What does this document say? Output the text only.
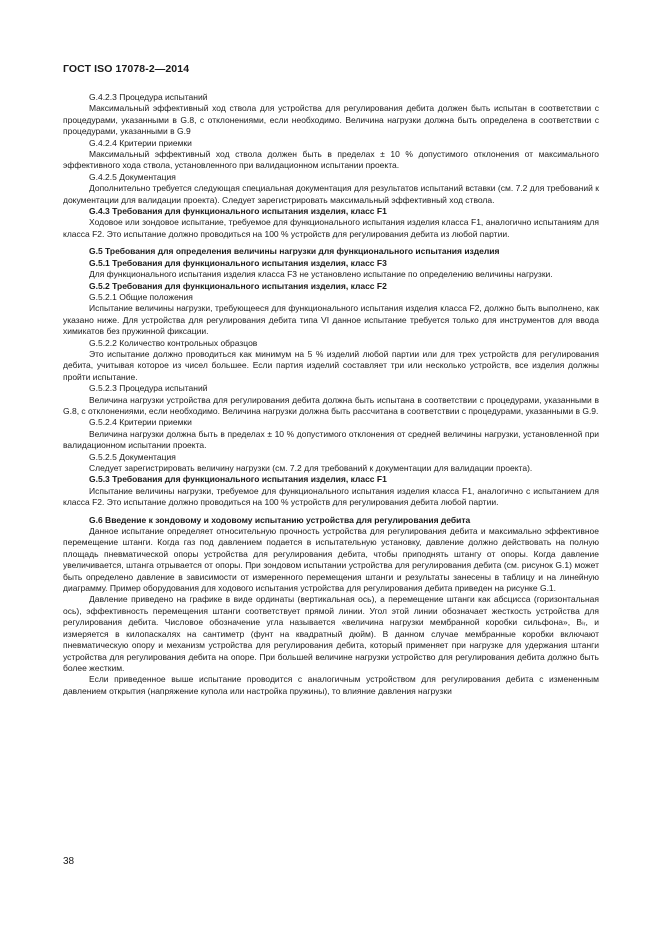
ГОСТ ISO 17078-2—2014
G.4.2.3 Процедура испытаний

Максимальный эффективный ход ствола для устройства для регулирования дебита должен быть испытан в соответствии с процедурами, указанными в G.8, с отклонениями, если необходимо. Величина нагрузки должна быть определена в соответствии с процедурами, указанными в G.9

G.4.2.4 Критерии приемки

Максимальный эффективный ход ствола должен быть в пределах ± 10 % допустимого отклонения от максимального эффективного хода ствола, установленного при валидационном испытании проекта.

G.4.2.5 Документация

Дополнительно требуется следующая специальная документация для результатов испытаний вставки (см. 7.2 для требований к документации для валидации проекта). Следует зарегистрировать максимальный эффективный ход ствола.

G.4.3 Требования для функционального испытания изделия, класс F1

Ходовое или зондовое испытание, требуемое для функционального испытания изделия класса F1, аналогично испытаниям для класса F2. Это испытание должно проводиться на 100 % устройств для регулирования дебита из любой партии.

G.5 Требования для определения величины нагрузки для функционального испытания изделия
G.5.1 Требования для функционального испытания изделия, класс F3

Для функционального испытания изделия класса F3 не установлено испытание по определению величины нагрузки.

G.5.2 Требования для функционального испытания изделия, класс F2
G.5.2.1 Общие положения

Испытание величины нагрузки, требующееся для функционального испытания изделия класса F2, должно быть выполнено, как указано ниже. Для устройства для регулирования дебита типа VI данное испытание требуется только для инструментов для ввода химикатов без пружинной фиксации.

G.5.2.2 Количество контрольных образцов

Это испытание должно проводиться как минимум на 5 % изделий любой партии или для трех устройств для регулирования дебита, учитывая которое из чисел большее. Если партия изделий составляет три или несколько устройств, все изделия должны пройти испытание.

G.5.2.3 Процедура испытаний

Величина нагрузки устройства для регулирования дебита должна быть испытана в соответствии с процедурами, указанными в G.8, с отклонениями, если необходимо. Величина нагрузки должна быть рассчитана в соответствии с процедурами, указанными в G.9.

G.5.2.4 Критерии приемки

Величина нагрузки должна быть в пределах ± 10 % допустимого отклонения от средней величины нагрузки, установленной при валидационном испытании проекта.

G.5.2.5 Документация

Следует зарегистрировать величину нагрузки (см. 7.2 для требований к документации для валидации проекта).

G.5.3 Требования для функционального испытания изделия, класс F1

Испытание величины нагрузки, требуемое для функционального испытания изделия класса F1, аналогично с испытанием для класса F2. Это испытание должно проводиться на 100 % устройств для регулирования дебита любой партии.

G.6 Введение к зондовому и ходовому испытанию устройства для регулирования дебита

Данное испытание определяет относительную прочность устройства для регулирования дебита и максимально эффективное перемещение штанги. Когда газ под давлением подается в испытательную установку, давление должно действовать на полную площадь пневматической опоры устройства для регулирования дебита, чтобы приподнять штангу от опоры. Когда давление увеличивается, штанга отрывается от опоры. При зондовом испытании устройства для регулирования дебита (см. рисунок G.1) может быть определено давление в зависимости от измеренного перемещения штанги и результаты занесены в таблицу и на линейную диаграмму. Пример оборудования для ходового испытания устройства для регулирования дебита приведен на рисунке G.1.

Давление приведено на графике в виде ординаты (вертикальная ось), а перемещение штанги как абсцисса (горизонтальная ось), эффективность перемещения штанги соответствует прямой линии. Угол этой линии обозначает жесткость устройства для регулирования дебита. Числовое обозначение угла называется «величина нагрузки мембранной коробки сильфона», Bₗᵣ, и измеряется в килопаскалях на сантиметр (фунт на квадратный дюйм). В данном случае мембранные коробки включают пневматическую опору и механизм устройства для регулирования дебита, который применяет при нагрузке для удержания штанги устройства для регулирования дебита на опоре. При большей величине нагрузки устройство для регулирования дебита должно быть более жестким.

Если приведенное выше испытание проводится с аналогичным устройством для регулирования дебита с измененным давлением открытия (напряжение купола или настройка пружины), то влияние давления нагрузки

38
